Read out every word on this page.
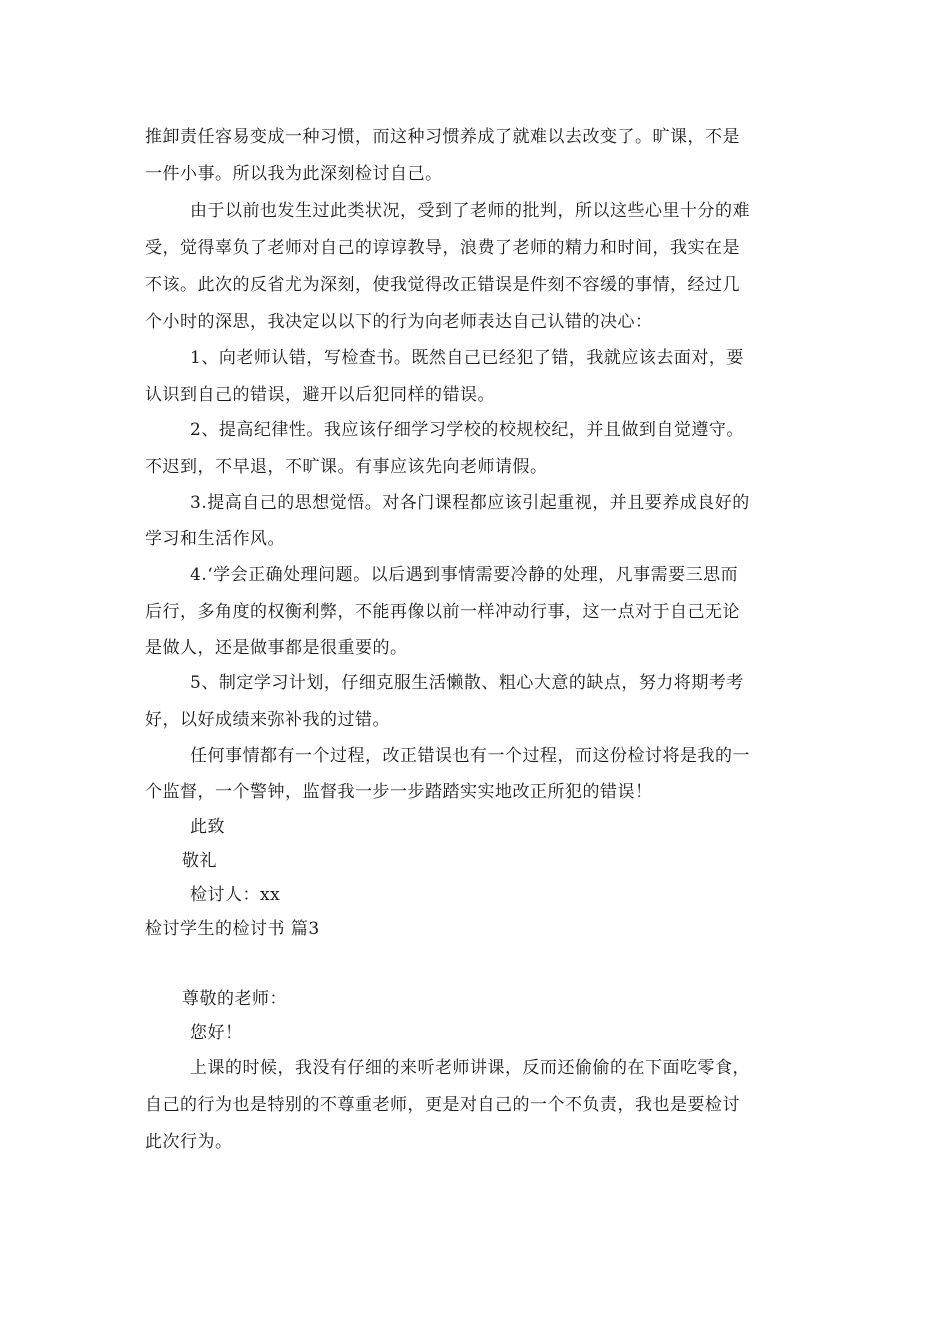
推卸责任容易变成一种习惯，而这种习惯养成了就难以去改变了。旷课，不是
一件小事。所以我为此深刻检讨自己。
由于以前也发生过此类状况，受到了老师的批判，所以这些心里十分的难
受，觉得辜负了老师对自己的谆谆教导，浪费了老师的精力和时间，我实在是
不该。此次的反省尤为深刻，使我觉得改正错误是件刻不容缓的事情，经过几
个小时的深思，我决定以以下的行为向老师表达自己认错的决心：
1、向老师认错，写检查书。既然自己已经犯了错，我就应该去面对，要
认识到自己的错误，避开以后犯同样的错误。
2、提高纪律性。我应该仔细学习学校的校规校纪，并且做到自觉遵守。
不迟到，不早退，不旷课。有事应该先向老师请假。
3.提高自己的思想觉悟。对各门课程都应该引起重视，并且要养成良好的
学习和生活作风。
4.‘学会正确处理问题。以后遇到事情需要冷静的处理，凡事需要三思而
后行，多角度的权衡利弊，不能再像以前一样冲动行事，这一点对于自己无论
是做人，还是做事都是很重要的。
5、制定学习计划，仔细克服生活懒散、粗心大意的缺点，努力将期考考
好，以好成绩来弥补我的过错。
任何事情都有一个过程，改正错误也有一个过程，而这份检讨将是我的一
个监督，一个警钟，监督我一步一步踏踏实实地改正所犯的错误！
此致
敬礼
检讨人：xx
检讨学生的检讨书 篇3
尊敬的老师：
您好！
上课的时候，我没有仔细的来听老师讲课，反而还偷偷的在下面吃零食，
自己的行为也是特别的不尊重老师，更是对自己的一个不负责，我也是要检讨
此次行为。
